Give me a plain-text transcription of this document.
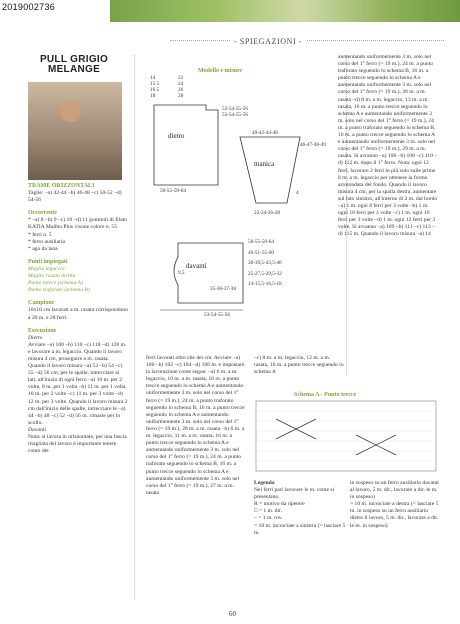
2019002736
- SPIEGAZIONI -
PULL GRIGIO MELANGE
TRAME ORIZZONTALI
Taglie: –a) 42-44 –b) 46-48 –c) 50-52 –d) 54-56
Occorrente
* –a) 8 –b) 9 –c) 10 –d) 11 gomitoli di filato KATIA Malibu Plus visone colore n. 55
* ferri n. 5
* ferro ausiliario
* ago da lana
Punti impiegati
Maglia legaccio
Maglia rasata diritta
Punto trecce (schema A)
Punto traforato (schema B)
Campione
10x10 cm lavorati a m. rasata corrispondono a 20 m. e 28 ferri.
Esecuzione
Dietro
Avviare –a) 100 –b) 110 –c) 118 –d) 128 m. e lavorare a m. legaccio. Quando il lavoro misura 4 cm, proseguire a m. rasata. Quando il lavoro misura –a) 53 –b) 54 –c) 55 –d) 56 cm, per le spalle, intrecciare ai lati, all'inizio di ogni ferro –a) 10 m. per 2 volte, 8 m. per 1 volta –b) 11 m. per 1 volta, 10 m. per 2 volte –c) 11 m. per 3 volte –d) 12 m. per 3 volte. Quando il lavoro misura 2 cm dall'inizio delle spalle, intrecciare le –a) 44 –b) 48 –c) 52 –d) 56 m. rimaste per lo scollo.
Davanti
Nota: si lavora in orizzontale, per una fascia ritagliata del lavoro è importante tenere conto dei
Modello e misure
14
15.5
16.5
18
22
24
26
28
53-54-55-56
53-54-55-56
dietro
50-55-59-64
40-42-44-46
46-47-48-49
manica
4
22-24-26-28
50-55-59-64
46-51-55-60
36-39,5-43,5-46
25-27,5-29,5-32
14-15,5-16,5-18
davanti
9,5
35-36-37-38
53-54-55-56
aumentando uniformemente 3 m. solo nel corso del 1° ferro (= 19 m.), 24 m. a punto traforato seguendo lo schema B, 16 m. a punto trecce seguendo lo schema A e aumentando uniformemente 3 m. solo nel corso del 1° ferro (= 19 m.), 28 m. a m. rasata –d) 8 m. a m. legaccio, 13 m. a m. rasata, 16 m. a punto trecce seguendo lo schema A e aumentando uniformemente 3 m. solo nel corso del 1° ferro (= 19 m.), 24 m. a punto traforato seguendo lo schema B, 16 m. a punto trecce seguendo lo schema A e aumentando uniformemente 3 m. solo nel corso del 1° ferro (= 19 m.), 29 m. a m. rasata. Si avranno –a) 106 –b) 108 –c) 110 –d) 112 m. dopo il 1° ferro. Nota: ogni 12 ferri, lavorare 2 ferri in più solo sulle prime 8 m. a m. legaccio per ottenere la forma arrotondata del fondo. Quando il lavoro misura 4 cm, per la spalla destra, aumentare sul lato sinistro, all'interno di 2 m. dal bordo –a) 1 m. ogni 8 ferri per 3 volte –b) 1 m. ogni 10 ferri per 3 volte –c) 1 m. ogni 10 ferri per 3 volte –d) 1 m. ogni 12 ferri per 3 volte. Si avranno –a) 109 –b) 111 –c) 113 –d) 115 m. Quando il lavoro misura –a) 14
ferri lavorati oltre che dei cm. Avviare –a) 100 –b) 102 –c) 104 –d) 106 m. e impostare la lavorazione come segue: –a) 6 m. a m. legaccio, 10 m. a m. rasata, 16 m. a punto trecce seguendo lo schema A e aumentando uniformemente 3 m. solo nel corso del 1° ferro (= 19 m.), 24 m. a punto traforato seguendo lo schema B, 16 m. a punto trecce seguendo lo schema A e aumentando uniformemente 3 m. solo nel corso del 1° ferro (= 19 m.), 28 m. a m. rasata –b) 6 m. a m. legaccio, 11 m. a m. rasata, 16 m. a punto trecce seguendo lo schema A e aumentando uniformemente 3 m. solo nel corso del 1° ferro (= 19 m.), 24 m. a punto traforato seguendo lo schema B, 16 m. a punto trecce seguendo lo schema A e aumentando uniformemente 3 m. solo nel corso del 1° ferro (= 19 m.), 27 m. a m. rasata
–c) 8 m. a m. legaccio, 12 m. a m. rasata, 16 m. a punto trecce seguendo lo schema A
Schema A - Punto trecce
Legenda
Nei ferri pari lavorare le m. come si presentano.
R = motivo da ripetere
□ = 1 m. dir.
– = 1 m. rov.
= 10 m. incrociate a sinistra (= lasciare 5 m.
in sospeso su un ferro ausiliario davanti al lavoro, 5 m. dir., lavorare a dir. le m. in sospeso)
= 10 m. incrociate a destra (= lasciare 5 m. in sospeso su un ferro ausiliario dietro il lavoro, 5 m. dir., lavorare a dir. le m. in sospeso)
60
